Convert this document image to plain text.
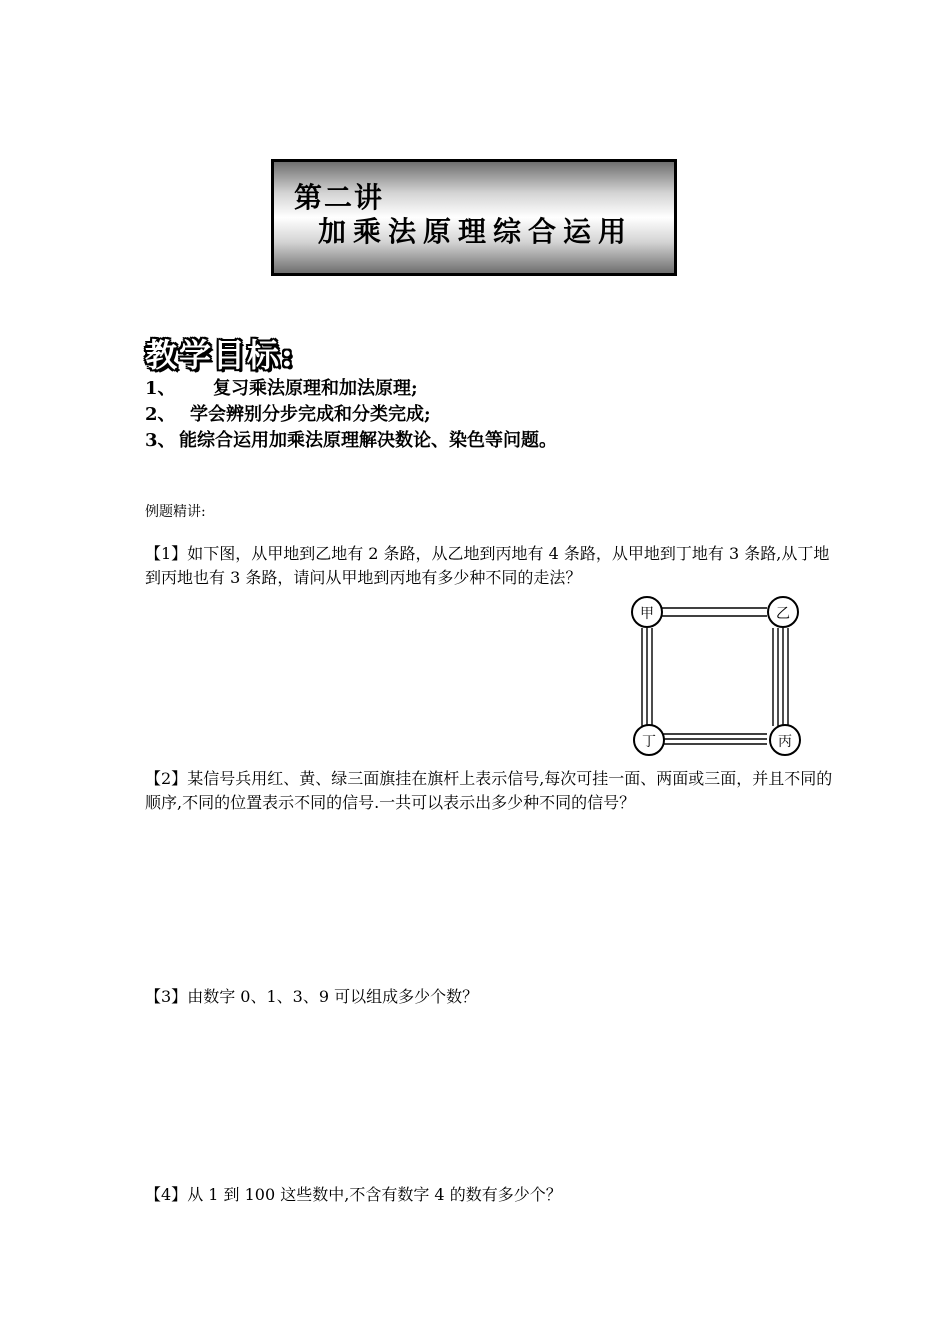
第二讲
加乘法原理综合运用
教学目标:
1、 复习乘法原理和加法原理;
2、 学会辨别分步完成和分类完成;
3、 能综合运用加乘法原理解决数论、染色等问题。
例题精讲:
【1】如下图，从甲地到乙地有 2 条路，从乙地到丙地有 4 条路，从甲地到丁地有 3 条路,从丁地到丙地也有 3 条路，请问从甲地到丙地有多少种不同的走法？
甲	乙
丁	丙
【2】某信号兵用红、黄、绿三面旗挂在旗杆上表示信号,每次可挂一面、两面或三面，并且不同的顺序,不同的位置表示不同的信号.一共可以表示出多少种不同的信号？
【3】由数字 0、1、3、9 可以组成多少个数？
【4】从 1 到 100 这些数中,不含有数字 4 的数有多少个？
